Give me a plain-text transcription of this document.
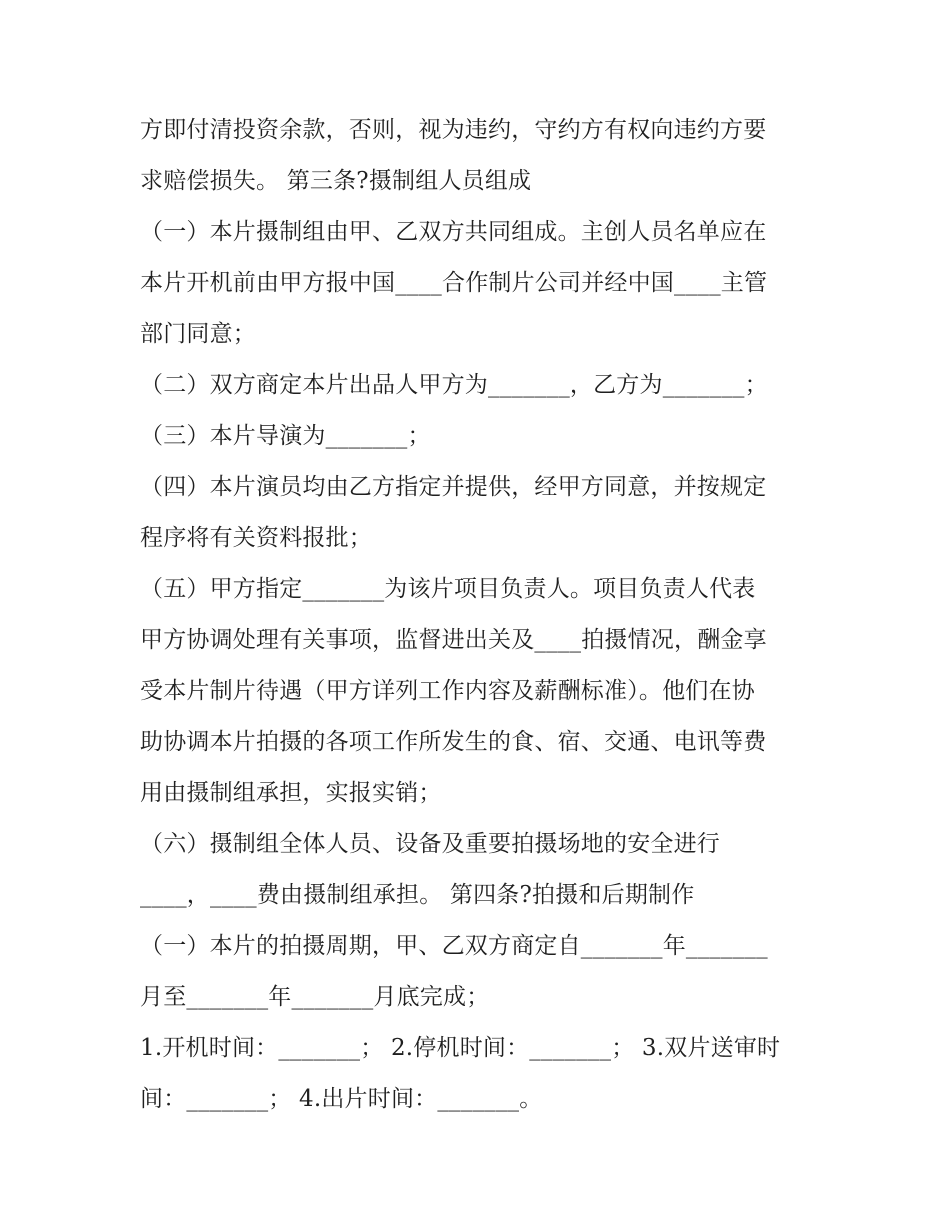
方即付清投资余款，否则，视为违约，守约方有权向违约方要
求赔偿损失。 第三条?摄制组人员组成
（一）本片摄制组由甲、乙双方共同组成。主创人员名单应在
本片开机前由甲方报中国____合作制片公司并经中国____主管
部门同意；
（二）双方商定本片出品人甲方为_______，乙方为_______；
（三）本片导演为_______；
（四）本片演员均由乙方指定并提供，经甲方同意，并按规定
程序将有关资料报批；
（五）甲方指定_______为该片项目负责人。项目负责人代表
甲方协调处理有关事项，监督进出关及____拍摄情况，酬金享
受本片制片待遇（甲方详列工作内容及薪酬标准）。他们在协
助协调本片拍摄的各项工作所发生的食、宿、交通、电讯等费
用由摄制组承担，实报实销；
（六）摄制组全体人员、设备及重要拍摄场地的安全进行
____，____费由摄制组承担。 第四条?拍摄和后期制作
（一）本片的拍摄周期，甲、乙双方商定自_______年_______
月至_______年_______月底完成；
1.开机时间：_______； 2.停机时间：_______； 3.双片送审时
间：_______； 4.出片时间：_______。
